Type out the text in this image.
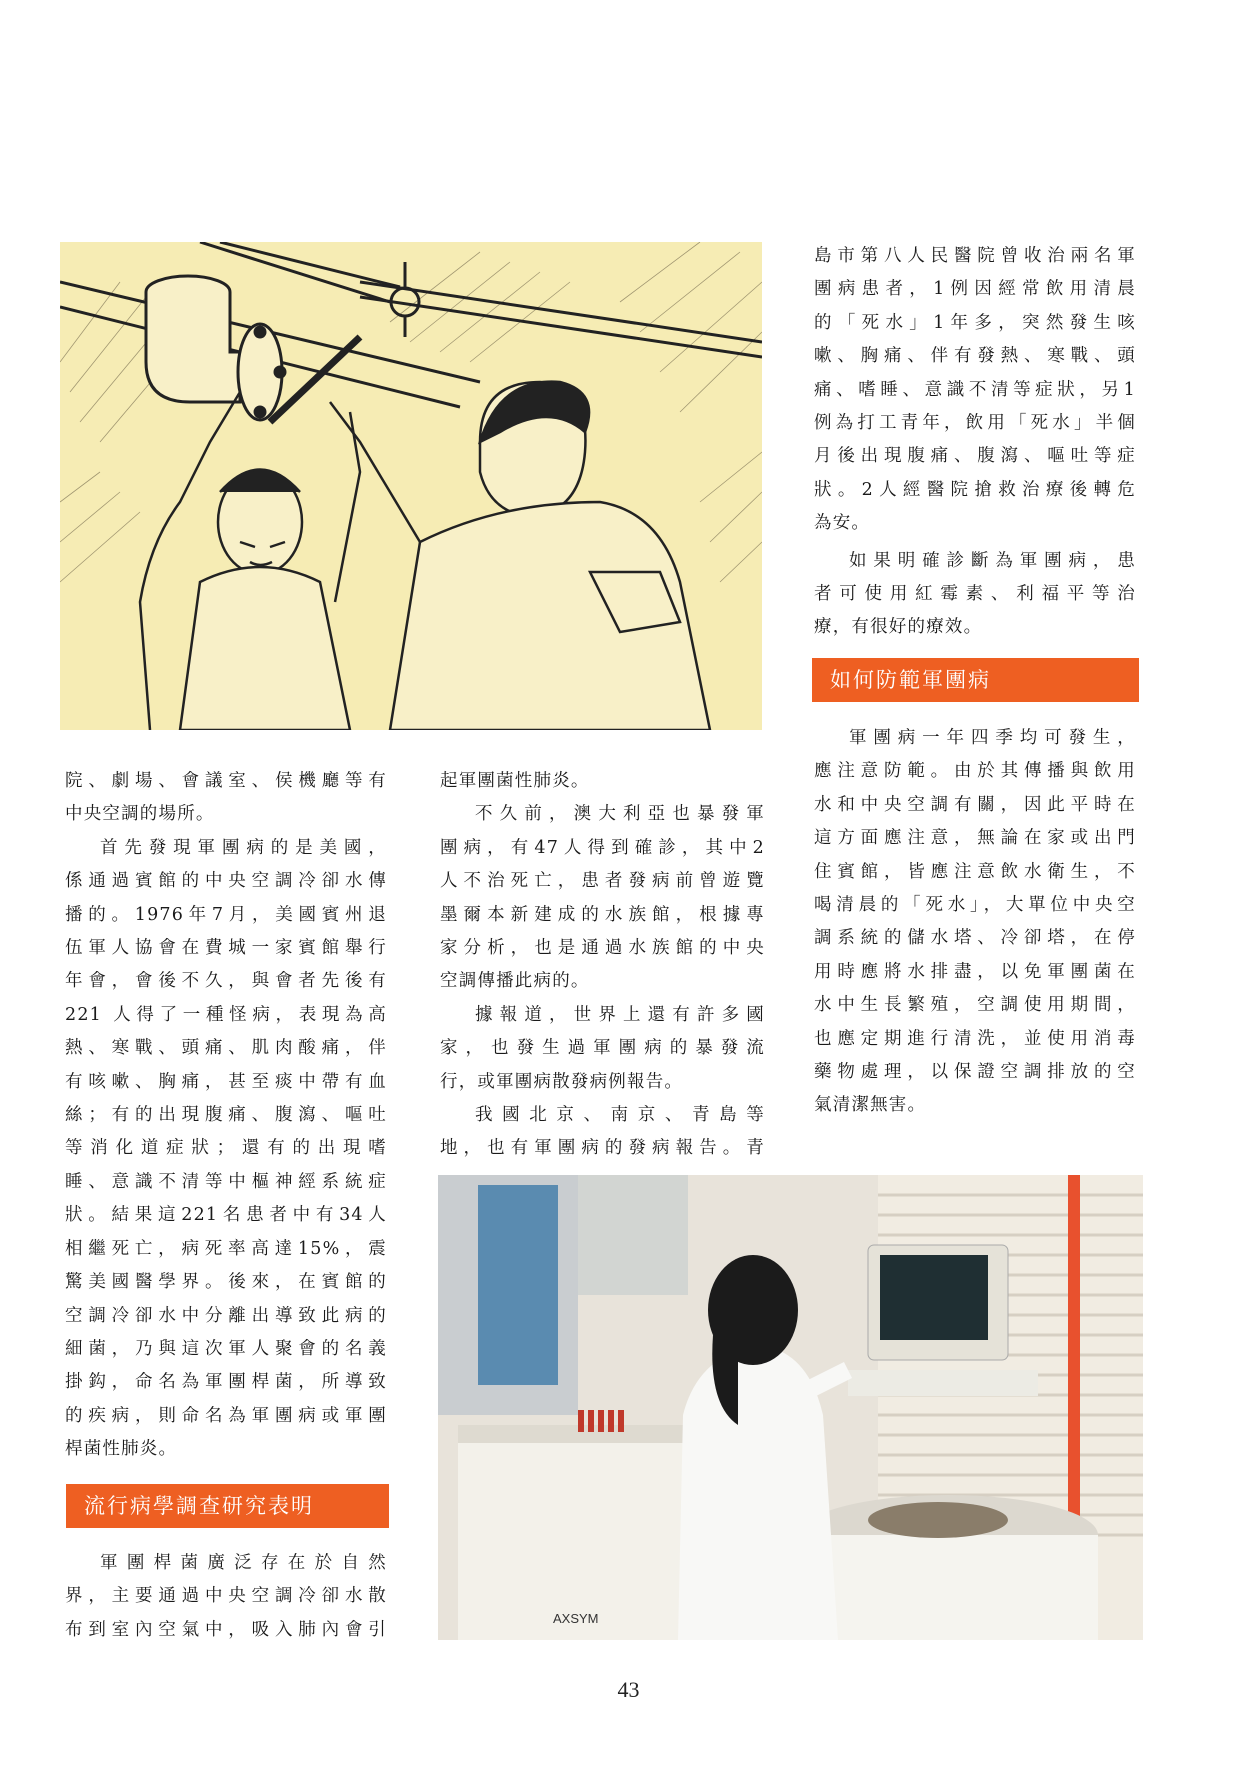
島市第八人民醫院曾收治兩名軍

團病患者，1例因經常飲用清晨

的「死水」1年多，突然發生咳

嗽、胸痛、伴有發熱、寒戰、頭

痛、嗜睡、意識不清等症狀，另1

例為打工青年，飲用「死水」半個

月後出現腹痛、腹瀉、嘔吐等症

狀。2人經醫院搶救治療後轉危

為安。

如果明確診斷為軍團病，患

者可使用紅霉素、利福平等治

療，有很好的療效。

如何防範軍團病

軍團病一年四季均可發生，

應注意防範。由於其傳播與飲用

水和中央空調有關，因此平時在

這方面應注意，無論在家或出門

住賓館，皆應注意飲水衛生，不

喝清晨的「死水」，大單位中央空

調系統的儲水塔、冷卻塔，在停

用時應將水排盡，以免軍團菌在

水中生長繁殖，空調使用期間，

也應定期進行清洗，並使用消毒

藥物處理，以保證空調排放的空

氣清潔無害。

院、劇場、會議室、侯機廳等有

中央空調的場所。

首先發現軍團病的是美國，

係通過賓館的中央空調冷卻水傳

播的。1976年7月，美國賓州退

伍軍人協會在費城一家賓館舉行

年會，會後不久，與會者先後有

221 人得了一種怪病，表現為高

熱、寒戰、頭痛、肌肉酸痛，伴

有咳嗽、胸痛，甚至痰中帶有血

絲；有的出現腹痛、腹瀉、嘔吐

等消化道症狀；還有的出現嗜

睡、意識不清等中樞神經系統症

狀。結果這221名患者中有34人

相繼死亡，病死率高達15%，震

驚美國醫學界。後來，在賓館的

空調冷卻水中分離出導致此病的

細菌，乃與這次軍人聚會的名義

掛鈎，命名為軍團桿菌，所導致

的疾病，則命名為軍團病或軍團

桿菌性肺炎。

流行病學調查研究表明

軍團桿菌廣泛存在於自然

界，主要通過中央空調冷卻水散

布到室內空氣中，吸入肺內會引

起軍團菌性肺炎。

不久前，澳大利亞也暴發軍

團病，有47人得到確診，其中2

人不治死亡，患者發病前曾遊覽

墨爾本新建成的水族館，根據專

家分析，也是通過水族館的中央

空調傳播此病的。

據報道，世界上還有許多國

家，也發生過軍團病的暴發流

行，或軍團病散發病例報告。

我國北京、南京、青島等

地，也有軍團病的發病報告。青

AXSYM
43
